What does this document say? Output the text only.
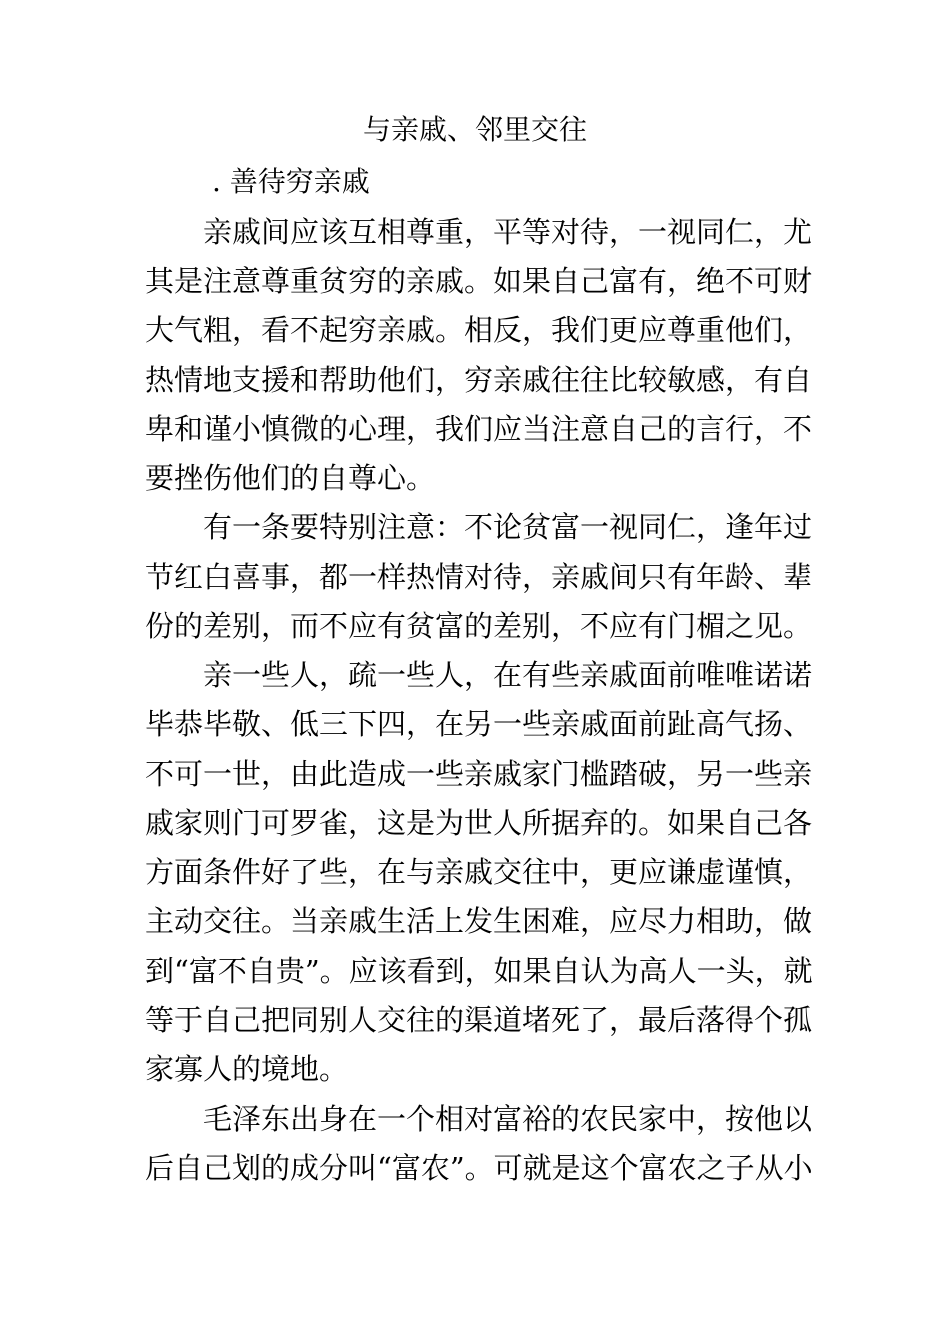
与亲戚、邻里交往
. 善待穷亲戚
亲戚间应该互相尊重，平等对待，一视同仁，尤
其是注意尊重贫穷的亲戚。如果自己富有，绝不可财
大气粗，看不起穷亲戚。相反，我们更应尊重他们，
热情地支援和帮助他们，穷亲戚往往比较敏感，有自
卑和谨小慎微的心理，我们应当注意自己的言行，不
要挫伤他们的自尊心。
有一条要特别注意：不论贫富一视同仁，逢年过
节红白喜事，都一样热情对待，亲戚间只有年龄、辈
份的差别，而不应有贫富的差别，不应有门楣之见。
亲一些人，疏一些人，在有些亲戚面前唯唯诺诺
毕恭毕敬、低三下四，在另一些亲戚面前趾高气扬、
不可一世，由此造成一些亲戚家门槛踏破，另一些亲
戚家则门可罗雀，这是为世人所据弃的。如果自己各
方面条件好了些，在与亲戚交往中，更应谦虚谨慎，
主动交往。当亲戚生活上发生困难，应尽力相助，做
到“富不自贵”。应该看到，如果自认为高人一头，就
等于自己把同别人交往的渠道堵死了，最后落得个孤
家寡人的境地。
毛泽东出身在一个相对富裕的农民家中，按他以
后自己划的成分叫“富农”。可就是这个富农之子从小
